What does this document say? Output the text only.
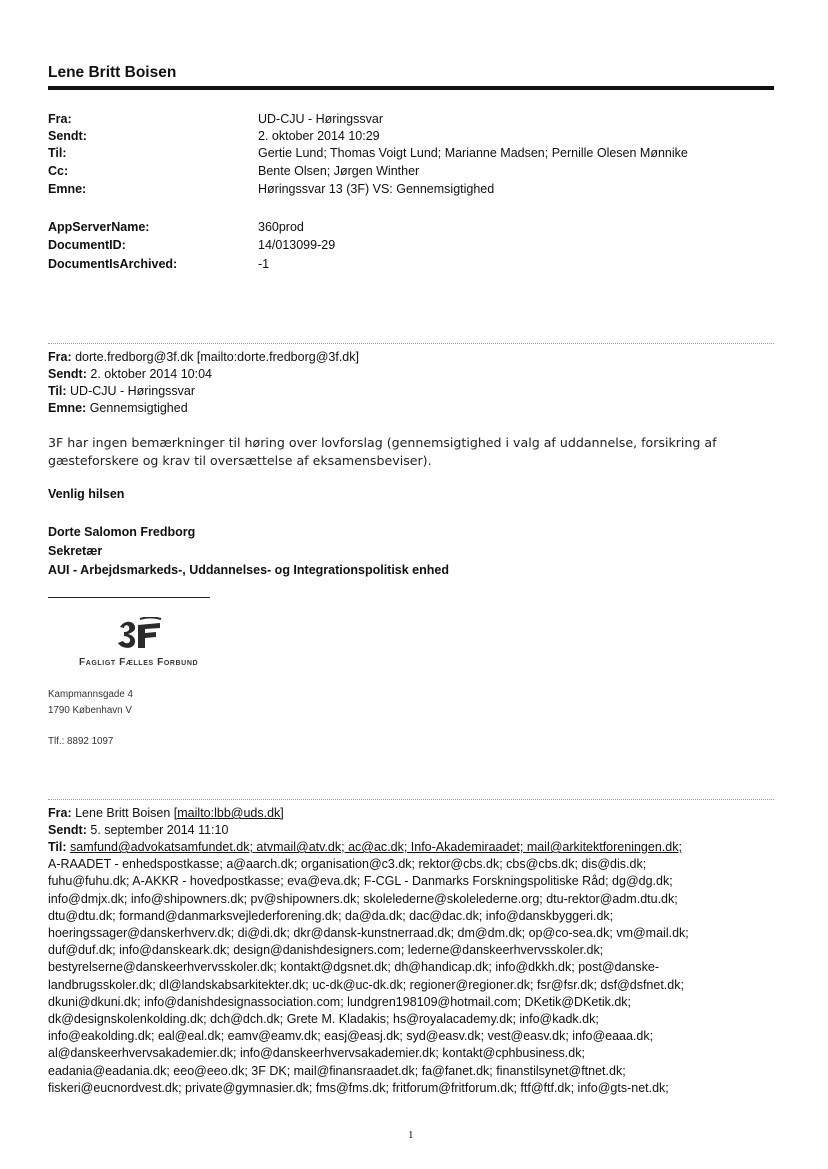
Lene Britt Boisen
Fra:	UD-CJU - Høringssvar
Sendt:	2. oktober 2014 10:29
Til:	Gertie Lund; Thomas Voigt Lund; Marianne Madsen; Pernille Olesen Mønnike
Cc:	Bente Olsen; Jørgen Winther
Emne:	Høringssvar 13 (3F) VS: Gennemsigtighed
AppServerName:	360prod
DocumentID:	14/013099-29
DocumentIsArchived:	-1
Fra: dorte.fredborg@3f.dk [mailto:dorte.fredborg@3f.dk]
Sendt: 2. oktober 2014 10:04
Til: UD-CJU - Høringssvar
Emne: Gennemsigtighed
3F har ingen bemærkninger til høring over lovforslag (gennemsigtighed i valg af uddannelse, forsikring af gæsteforskere og krav til oversættelse af eksamensbeviser).
Venlig hilsen
Dorte Salomon Fredborg
Sekretær
AUI - Arbejdsmarkeds-, Uddannelses- og Integrationspolitisk enhed
Fagligt Fælles Forbund
Kampmannsgade 4
1790 København V
Tlf.: 8892 1097
Fra: Lene Britt Boisen [mailto:lbb@uds.dk]
Sendt: 5. september 2014 11:10
Til: samfund@advokatsamfundet.dk; atvmail@atv.dk; ac@ac.dk; Info-Akademiraadet; mail@arkitektforeningen.dk;
A-RAADET - enhedspostkasse; a@aarch.dk; organisation@c3.dk; rektor@cbs.dk; cbs@cbs.dk; dis@dis.dk;
fuhu@fuhu.dk; A-AKKR - hovedpostkasse; eva@eva.dk; F-CGL - Danmarks Forskningspolitiske Råd; dg@dg.dk;
info@dmjx.dk; info@shipowners.dk; pv@shipowners.dk; skolelederne@skolelederne.org; dtu-rektor@adm.dtu.dk;
dtu@dtu.dk; formand@danmarksvejlederforening.dk; da@da.dk; dac@dac.dk; info@danskbyggeri.dk;
hoeringssager@danskerhverv.dk; di@di.dk; dkr@dansk-kunstnerraad.dk; dm@dm.dk; op@co-sea.dk; vm@mail.dk;
duf@duf.dk; info@danskeark.dk; design@danishdesigners.com; lederne@danskeerhvervsskoler.dk;
bestyrelserne@danskeerhvervsskoler.dk; kontakt@dgsnet.dk; dh@handicap.dk; info@dkkh.dk; post@danske-
landbrugsskoler.dk; dl@landskabsarkitekter.dk; uc-dk@uc-dk.dk; regioner@regioner.dk; fsr@fsr.dk; dsf@dsfnet.dk;
dkuni@dkuni.dk; info@danishdesignassociation.com; lundgren198109@hotmail.com; DKetik@DKetik.dk;
dk@designskolenkolding.dk; dch@dch.dk; Grete M. Kladakis; hs@royalacademy.dk; info@kadk.dk;
info@eakolding.dk; eal@eal.dk; eamv@eamv.dk; easj@easj.dk; syd@easv.dk; vest@easv.dk; info@eaaa.dk;
al@danskeerhvervsakademier.dk; info@danskeerhvervsakademier.dk; kontakt@cphbusiness.dk;
eadania@eadania.dk; eeo@eeo.dk; 3F DK; mail@finansraadet.dk; fa@fanet.dk; finanstilsynet@ftnet.dk;
fiskeri@eucnordvest.dk; private@gymnasier.dk; fms@fms.dk; fritforum@fritforum.dk; ftf@ftf.dk; info@gts-net.dk;
1
